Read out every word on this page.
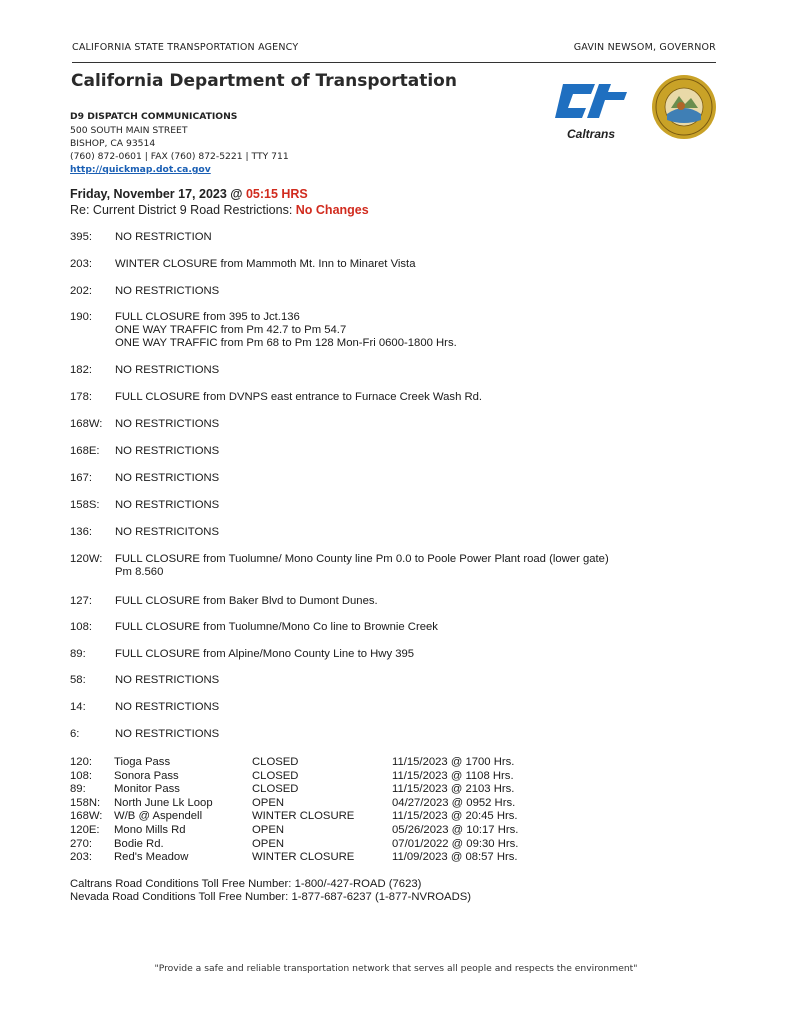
CALIFORNIA STATE TRANSPORTATION AGENCY	GAVIN NEWSOM, GOVERNOR
California Department of Transportation
D9 DISPATCH COMMUNICATIONS
500 SOUTH MAIN STREET
BISHOP, CA 93514
(760) 872-0601 | FAX (760) 872-5221 | TTY 711
http://quickmap.dot.ca.gov
Caltrans
Friday, November 17, 2023 @ 05:15 HRS
Re: Current District 9 Road Restrictions: No Changes
395:	NO RESTRICTION
203:	WINTER CLOSURE from Mammoth Mt. Inn to Minaret Vista
202:	NO RESTRICTIONS
190:	FULL CLOSURE from 395 to Jct.136
ONE WAY TRAFFIC from Pm 42.7 to Pm 54.7
ONE WAY TRAFFIC from Pm 68 to Pm 128 Mon-Fri 0600-1800 Hrs.
182:	NO RESTRICTIONS
178:	FULL CLOSURE from DVNPS east entrance to Furnace Creek Wash Rd.
168W:	NO RESTRICTIONS
168E:	NO RESTRICTIONS
167:	NO RESTRICTIONS
158S:	NO RESTRICTIONS
136:	NO RESTRICITONS
120W:	FULL CLOSURE from Tuolumne/ Mono County line Pm 0.0 to Poole Power Plant road (lower gate)
Pm 8.560
127:	FULL CLOSURE from Baker Blvd to Dumont Dunes.
108:	FULL CLOSURE from Tuolumne/Mono Co line to Brownie Creek
89:	FULL CLOSURE from Alpine/Mono County Line to Hwy 395
58:	NO RESTRICTIONS
14:	NO RESTRICTIONS
6:	NO RESTRICTIONS
120: Tioga Pass	CLOSED	11/15/2023 @ 1700 Hrs.
108: Sonora Pass	CLOSED	11/15/2023 @ 1108 Hrs.
89:	Monitor Pass	CLOSED	11/15/2023 @ 2103 Hrs.
158N: North June Lk Loop	OPEN	04/27/2023 @ 0952 Hrs.
168W: W/B @ Aspendell	WINTER CLOSURE	11/15/2023 @ 20:45 Hrs.
120E: Mono Mills Rd	OPEN	05/26/2023 @ 10:17 Hrs.
270: Bodie Rd.	OPEN	07/01/2022 @ 09:30 Hrs.
203: Red's Meadow	WINTER CLOSURE	11/09/2023 @ 08:57 Hrs.
Caltrans Road Conditions Toll Free Number: 1-800/-427-ROAD (7623)
Nevada Road Conditions Toll Free Number: 1-877-687-6237 (1-877-NVROADS)
"Provide a safe and reliable transportation network that serves all people and respects the environment"
